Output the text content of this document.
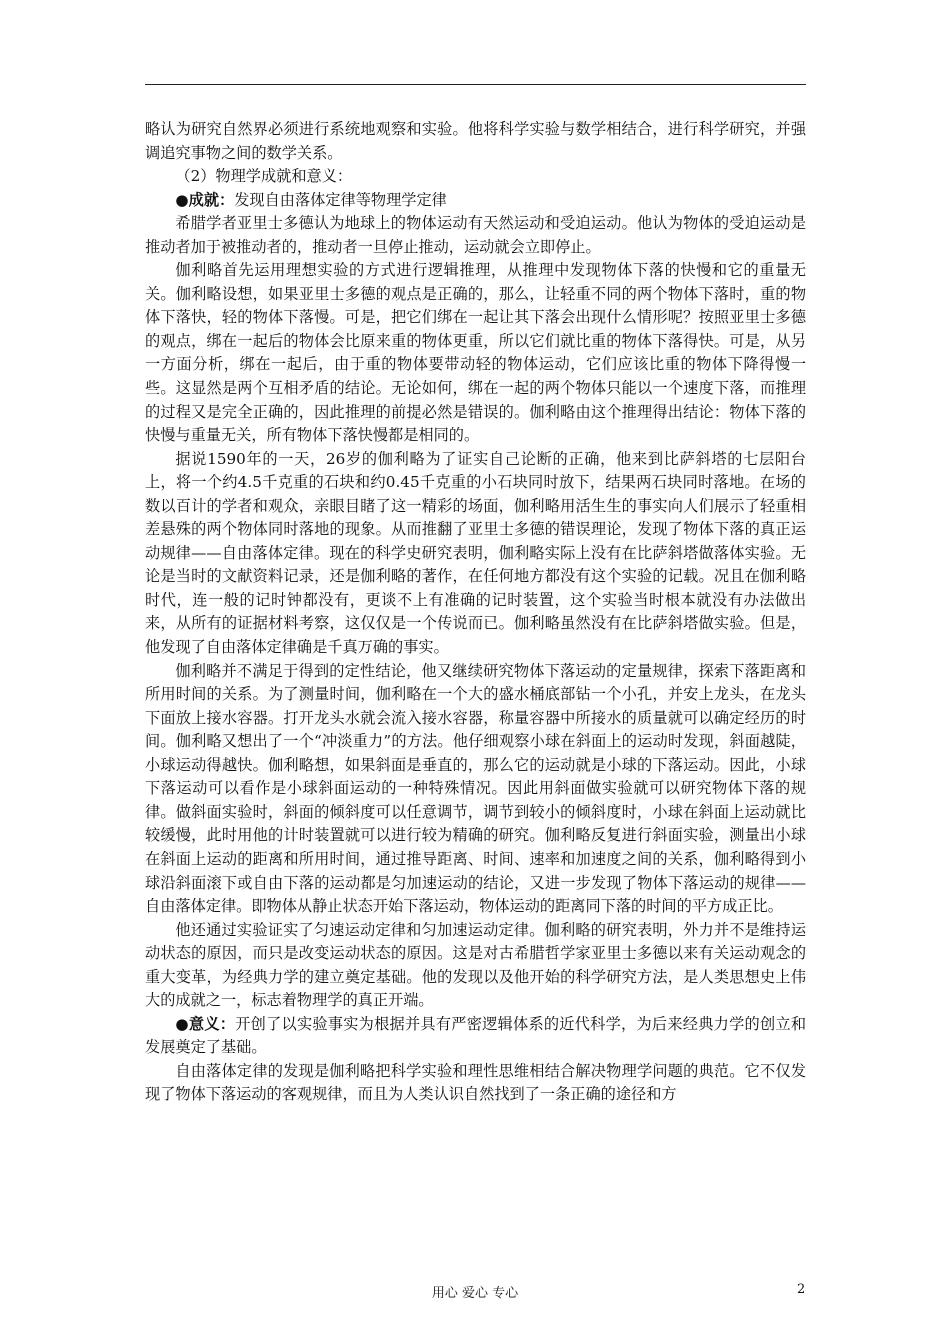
略认为研究自然界必须进行系统地观察和实验。他将科学实验与数学相结合，进行科学研究，并强调追究事物之间的数学关系。

（2）物理学成就和意义：

●成就：发现自由落体定律等物理学定律

希腊学者亚里士多德认为地球上的物体运动有天然运动和受迫运动。他认为物体的受迫运动是推动者加于被推动者的，推动者一旦停止推动，运动就会立即停止。

伽利略首先运用理想实验的方式进行逻辑推理，从推理中发现物体下落的快慢和它的重量无关。伽利略设想，如果亚里士多德的观点是正确的，那么，让轻重不同的两个物体下落时，重的物体下落快，轻的物体下落慢。可是，把它们绑在一起让其下落会出现什么情形呢？按照亚里士多德的观点，绑在一起后的物体会比原来重的物体更重，所以它们就比重的物体下落得快。可是，从另一方面分析，绑在一起后，由于重的物体要带动轻的物体运动，它们应该比重的物体下降得慢一些。这显然是两个互相矛盾的结论。无论如何，绑在一起的两个物体只能以一个速度下落，而推理的过程又是完全正确的，因此推理的前提必然是错误的。伽利略由这个推理得出结论：物体下落的快慢与重量无关，所有物体下落快慢都是相同的。

据说1590年的一天，26岁的伽利略为了证实自己论断的正确，他来到比萨斜塔的七层阳台上，将一个约4.5千克重的石块和约0.45千克重的小石块同时放下，结果两石块同时落地。在场的数以百计的学者和观众，亲眼目睹了这一精彩的场面，伽利略用活生生的事实向人们展示了轻重相差悬殊的两个物体同时落地的现象。从而推翻了亚里士多德的错误理论，发现了物体下落的真正运动规律——自由落体定律。现在的科学史研究表明，伽利略实际上没有在比萨斜塔做落体实验。无论是当时的文献资料记录，还是伽利略的著作，在任何地方都没有这个实验的记载。况且在伽利略时代，连一般的记时钟都没有，更谈不上有准确的记时装置，这个实验当时根本就没有办法做出来，从所有的证据材料考察，这仅仅是一个传说而已。伽利略虽然没有在比萨斜塔做实验。但是，他发现了自由落体定律确是千真万确的事实。

伽利略并不满足于得到的定性结论，他又继续研究物体下落运动的定量规律，探索下落距离和所用时间的关系。为了测量时间，伽利略在一个大的盛水桶底部钻一个小孔，并安上龙头，在龙头下面放上接水容器。打开龙头水就会流入接水容器，称量容器中所接水的质量就可以确定经历的时间。伽利略又想出了一个“冲淡重力”的方法。他仔细观察小球在斜面上的运动时发现，斜面越陡，小球运动得越快。伽利略想，如果斜面是垂直的，那么它的运动就是小球的下落运动。因此，小球下落运动可以看作是小球斜面运动的一种特殊情况。因此用斜面做实验就可以研究物体下落的规律。做斜面实验时，斜面的倾斜度可以任意调节，调节到较小的倾斜度时，小球在斜面上运动就比较缓慢，此时用他的计时装置就可以进行较为精确的研究。伽利略反复进行斜面实验，测量出小球在斜面上运动的距离和所用时间，通过推导距离、时间、速率和加速度之间的关系，伽利略得到小球沿斜面滚下或自由下落的运动都是匀加速运动的结论，又进一步发现了物体下落运动的规律——自由落体定律。即物体从静止状态开始下落运动，物体运动的距离同下落的时间的平方成正比。

他还通过实验证实了匀速运动定律和匀加速运动定律。伽利略的研究表明，外力并不是维持运动状态的原因，而只是改变运动状态的原因。这是对古希腊哲学家亚里士多德以来有关运动观念的重大变革，为经典力学的建立奠定基础。他的发现以及他开始的科学研究方法，是人类思想史上伟大的成就之一，标志着物理学的真正开端。

●意义：开创了以实验事实为根据并具有严密逻辑体系的近代科学，为后来经典力学的创立和发展奠定了基础。

自由落体定律的发现是伽利略把科学实验和理性思维相结合解决物理学问题的典范。它不仅发现了物体下落运动的客观规律，而且为人类认识自然找到了一条正确的途径和方

用心 爱心 专心	2
